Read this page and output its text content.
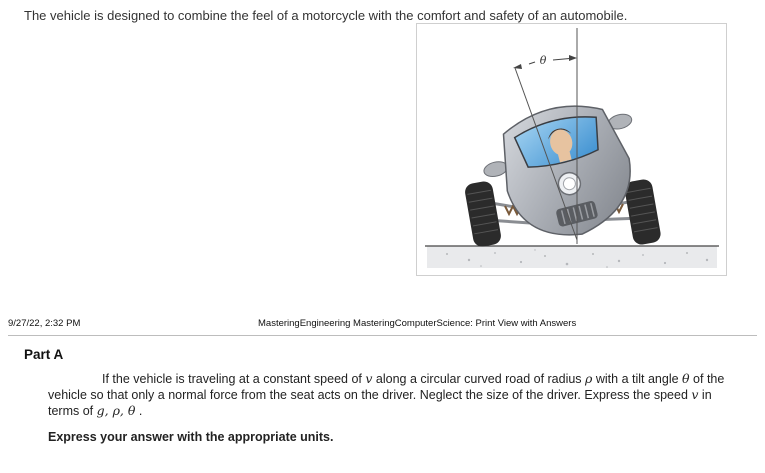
The vehicle is designed to combine the feel of a motorcycle with the comfort and safety of an automobile.
θ
9/27/22, 2:32 PM	MasteringEngineering MasteringComputerScience: Print View with Answers
Part A
If the vehicle is traveling at a constant speed of v along a circular curved road of radius ρ with a tilt angle θ of the vehicle so that only a normal force from the seat acts on the driver. Neglect the size of the driver. Express the speed v in terms of g, ρ, θ .
Express your answer with the appropriate units.
